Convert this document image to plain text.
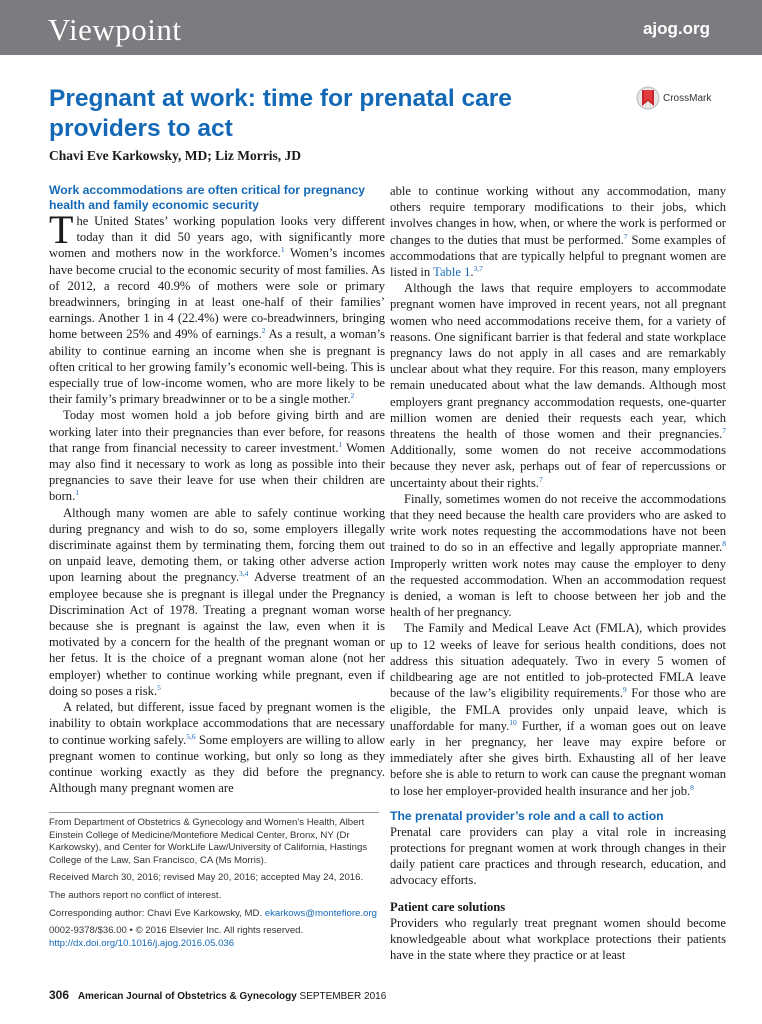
Viewpoint	ajog.org
Pregnant at work: time for prenatal care providers to act
CrossMark
Chavi Eve Karkowsky, MD; Liz Morris, JD
Work accommodations are often critical for pregnancy health and family economic security

The United States’ working population looks very different today than it did 50 years ago, with significantly more women and mothers now in the workforce.$^1$ Women’s incomes have become crucial to the economic security of most families. As of 2012, a record 40.9% of mothers were sole or primary breadwinners, bringing in at least one-half of their families’ earnings. Another 1 in 4 (22.4%) were co-breadwinners, bringing home between 25% and 49% of earnings.$^2$ As a result, a woman’s ability to continue earning an income when she is pregnant is often critical to her growing family’s economic well-being. This is especially true of low-income women, who are more likely to be their family’s primary breadwinner or to be a single mother.$^2$

Today most women hold a job before giving birth and are working later into their pregnancies than ever before, for reasons that range from financial necessity to career investment.$^1$ Women may also find it necessary to work as long as possible into their pregnancies to save their leave for use when their children are born.$^1$

Although many women are able to safely continue working during pregnancy and wish to do so, some employers illegally discriminate against them by terminating them, forcing them out on unpaid leave, demoting them, or taking other adverse action upon learning about the pregnancy.$^{3,4}$ Adverse treatment of an employee because she is pregnant is illegal under the Pregnancy Discrimination Act of 1978. Treating a pregnant woman worse because she is pregnant is against the law, even when it is motivated by a concern for the health of the pregnant woman or her fetus. It is the choice of a pregnant woman alone (not her employer) whether to continue working while pregnant, even if doing so poses a risk.$^5$

A related, but different, issue faced by pregnant women is the inability to obtain workplace accommodations that are necessary to continue working safely.$^{5,6}$ Some employers are willing to allow pregnant women to continue working, but only so long as they continue working exactly as they did before the pregnancy. Although many pregnant women are

able to continue working without any accommodation, many others require temporary modifications to their jobs, which involves changes in how, when, or where the work is performed or changes to the duties that must be performed.$^7$ Some examples of accommodations that are typically helpful to pregnant women are listed in Table 1.$^{3,7}$

Although the laws that require employers to accommodate pregnant women have improved in recent years, not all pregnant women who need accommodations receive them, for a variety of reasons. One significant barrier is that federal and state workplace pregnancy laws do not apply in all cases and are remarkably unclear about what they require. For this reason, many employers remain uneducated about what the law demands. Although most employers grant pregnancy accommodation requests, one-quarter million women are denied their requests each year, which threatens the health of those women and their pregnancies.$^7$ Additionally, some women do not receive accommodations because they never ask, perhaps out of fear of repercussions or uncertainty about their rights.$^7$

Finally, sometimes women do not receive the accommodations that they need because the health care providers who are asked to write work notes requesting the accommodations have not been trained to do so in an effective and legally appropriate manner.$^8$ Improperly written work notes may cause the employer to deny the requested accommodation. When an accommodation request is denied, a woman is left to choose between her job and the health of her pregnancy.

The Family and Medical Leave Act (FMLA), which provides up to 12 weeks of leave for serious health conditions, does not address this situation adequately. Two in every 5 women of childbearing age are not entitled to job-protected FMLA leave because of the law’s eligibility requirements.$^9$ For those who are eligible, the FMLA provides only unpaid leave, which is unaffordable for many.$^{10}$ Further, if a woman goes out on leave early in her pregnancy, her leave may expire before or immediately after she gives birth. Exhausting all of her leave before she is able to return to work can cause the pregnant woman to lose her employer-provided health insurance and her job.$^8$

The prenatal provider’s role and a call to action

Prenatal care providers can play a vital role in increasing protections for pregnant women at work through changes in their daily patient care practices and through research, education, and advocacy efforts.

Patient care solutions

Providers who regularly treat pregnant women should become knowledgeable about what workplace protections their patients have in the state where they practice or at least

From Department of Obstetrics & Gynecology and Women’s Health, Albert Einstein College of Medicine/Montefiore Medical Center, Bronx, NY (Dr Karkowsky), and Center for WorkLife Law/University of California, Hastings College of the Law, San Francisco, CA (Ms Morris).
Received March 30, 2016; revised May 20, 2016; accepted May 24, 2016.
The authors report no conflict of interest.
Corresponding author: Chavi Eve Karkowsky, MD. ekarkows@montefiore.org
0002-9378/$36.00 • © 2016 Elsevier Inc. All rights reserved.
http://dx.doi.org/10.1016/j.ajog.2016.05.036
306 American Journal of Obstetrics & Gynecology SEPTEMBER 2016
